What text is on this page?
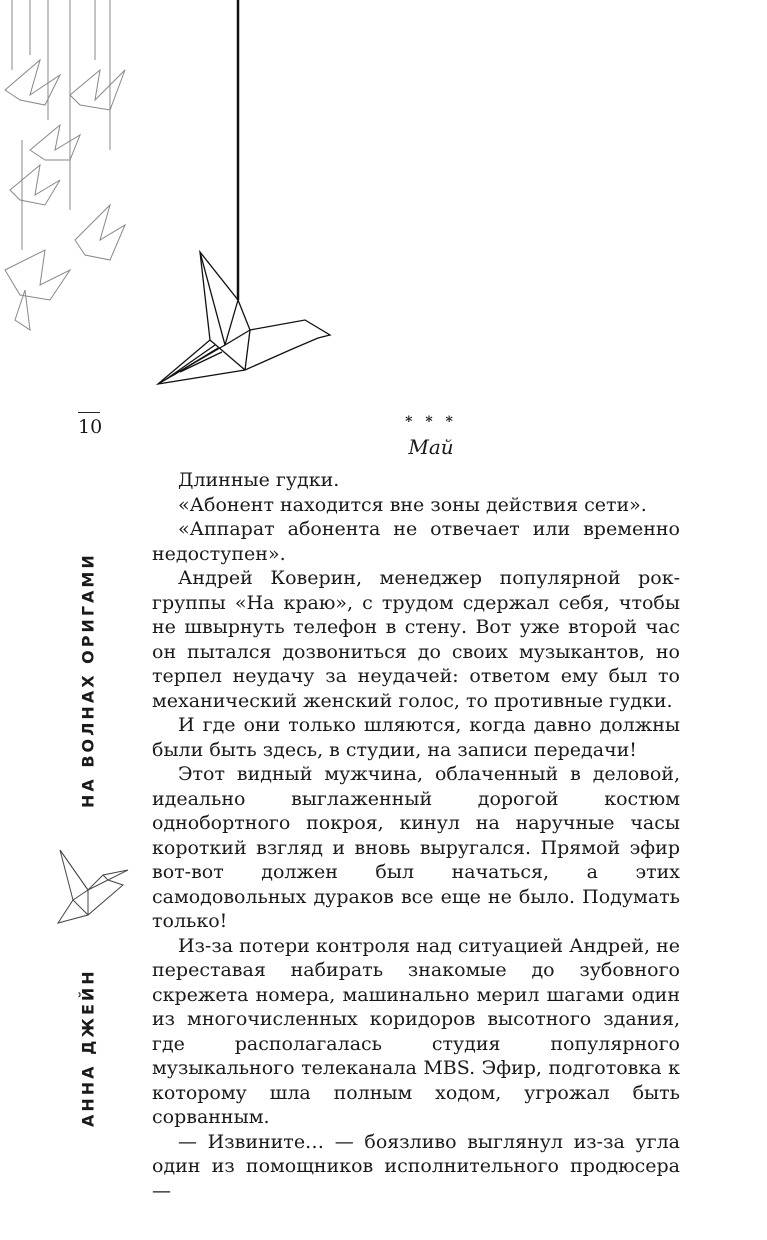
10
НА ВОЛНАХ ОРИГАМИ
АННА ДЖЕЙН
* * *
Май

Длинные гудки.

«Абонент находится вне зоны действия сети».

«Аппарат абонента не отвечает или временно недоступен».

Андрей Коверин, менеджер популярной рок-группы «На краю», с трудом сдержал себя, чтобы не швырнуть телефон в стену. Вот уже второй час он пытался дозвониться до своих музыкантов, но терпел неудачу за неудачей: ответом ему был то механический женский голос, то противные гудки.

И где они только шляются, когда давно должны были быть здесь, в студии, на записи передачи!

Этот видный мужчина, облаченный в деловой, идеально выглаженный дорогой костюм однобортного покроя, кинул на наручные часы короткий взгляд и вновь выругался. Прямой эфир вот-вот должен был начаться, а этих самодовольных дураков все еще не было. Подумать только!

Из-за потери контроля над ситуацией Андрей, не переставая набирать знакомые до зубовного скрежета номера, машинально мерил шагами один из многочисленных коридоров высотного здания, где располагалась студия популярного музыкального телеканала MBS. Эфир, подготовка к которому шла полным ходом, угрожал быть сорванным.

— Извините… — боязливо выглянул из-за угла один из помощников исполнительного продюсера —
